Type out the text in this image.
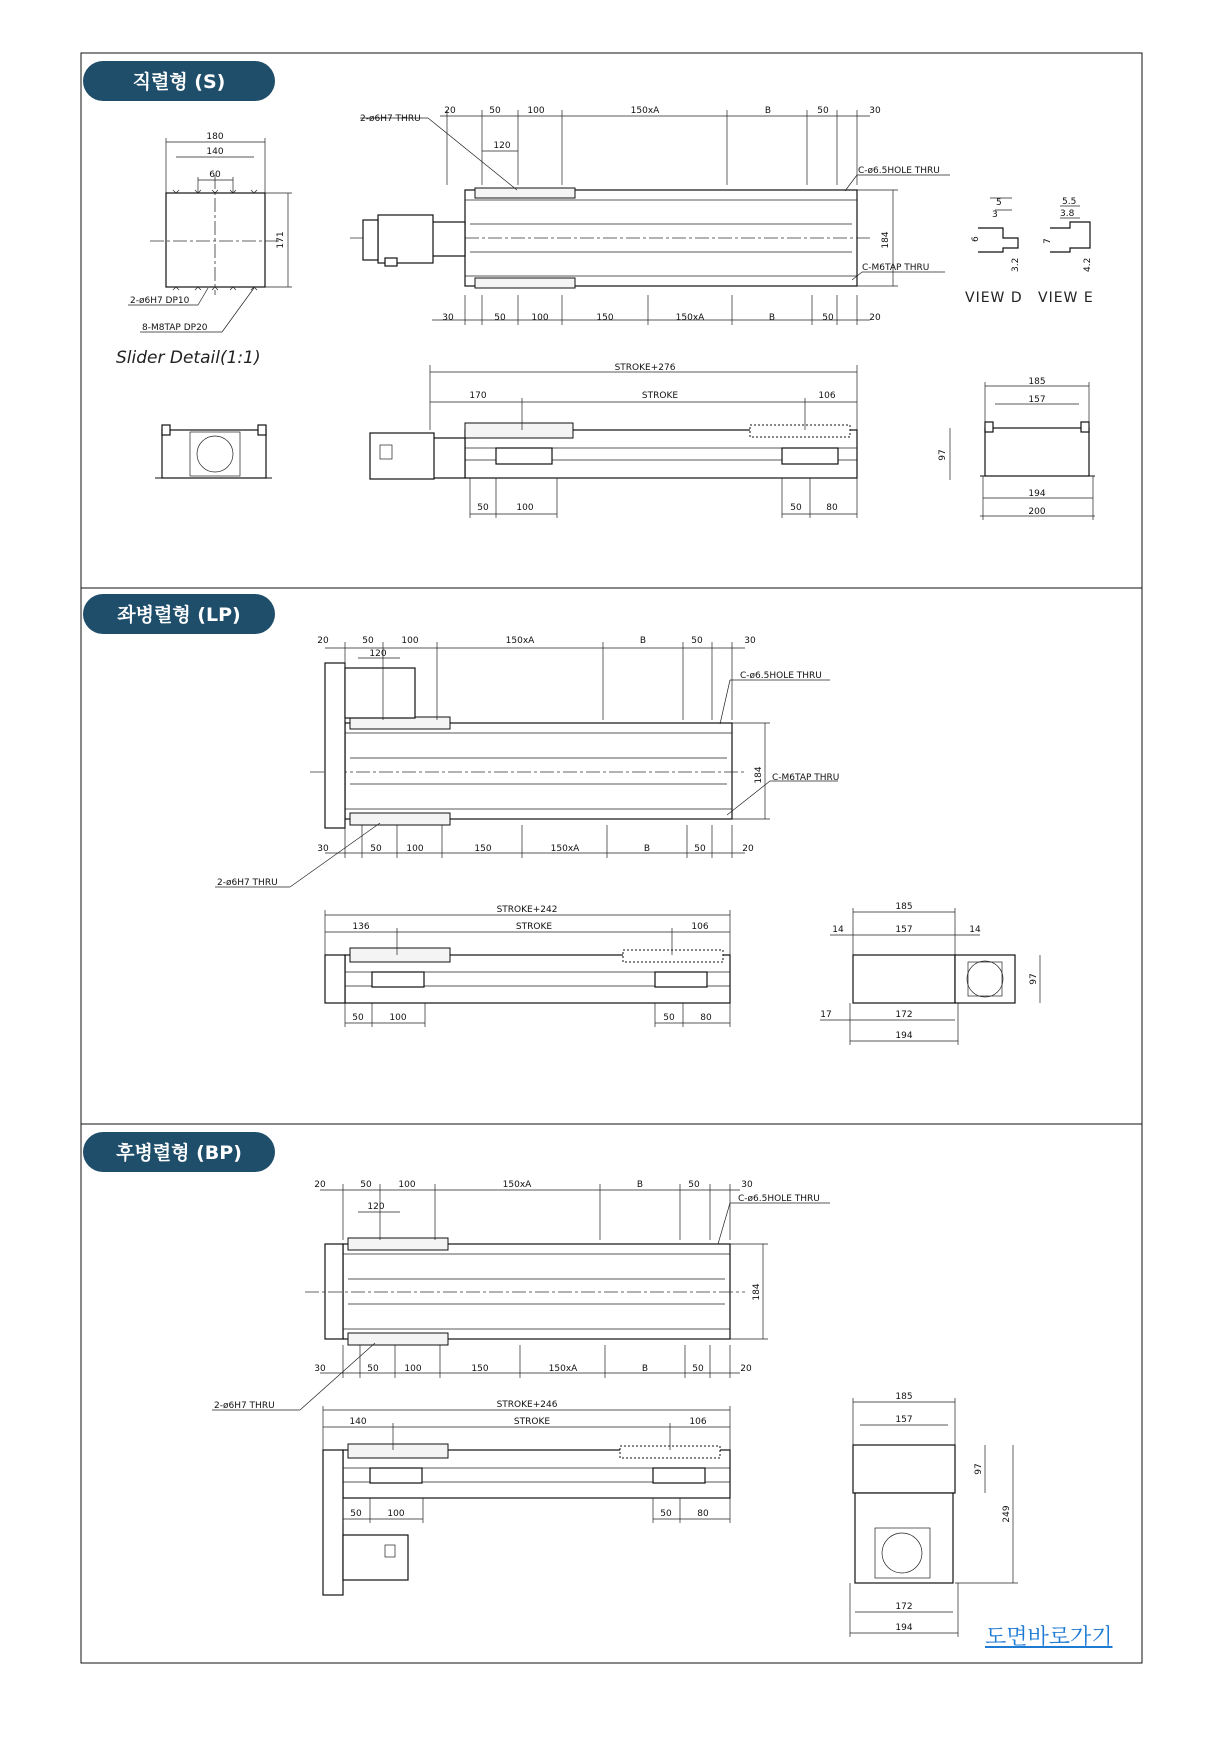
직렬형 (S)
좌병렬형 (LP)
후병렬형 (BP)
180
140
60
171
2-ø6H7 DP10
8-M8TAP DP20
Slider Detail(1:1)
184
2-ø6H7 THRU
C-ø6.5HOLE THRU
C-M6TAP THRU
20	50	100	150xA	B	50	30
120
30	50	100	150	150xA	B	50	20
5
3
6
3.2
VIEW D
5.5
3.8
7
4.2
VIEW E
STROKE+276
170	STROKE	106
50	100	50	80
185
157
97
194
200
184
C-ø6.5HOLE THRU
C-M6TAP THRU
2-ø6H7 THRU
20	50	100	150xA	B	50	30
120
30	50	100	150	150xA	B	50	20
STROKE+242
136	STROKE	106
50	100	50	80
185
14	157	14
97
17	172
194
184
C-ø6.5HOLE THRU
2-ø6H7 THRU
20	50	100	150xA	B	50	30
120
30	50	100	150	150xA	B	50	20
STROKE+246
140	STROKE	106
50	100	50	80
185
157
97
249
172
194	도면바로가기
